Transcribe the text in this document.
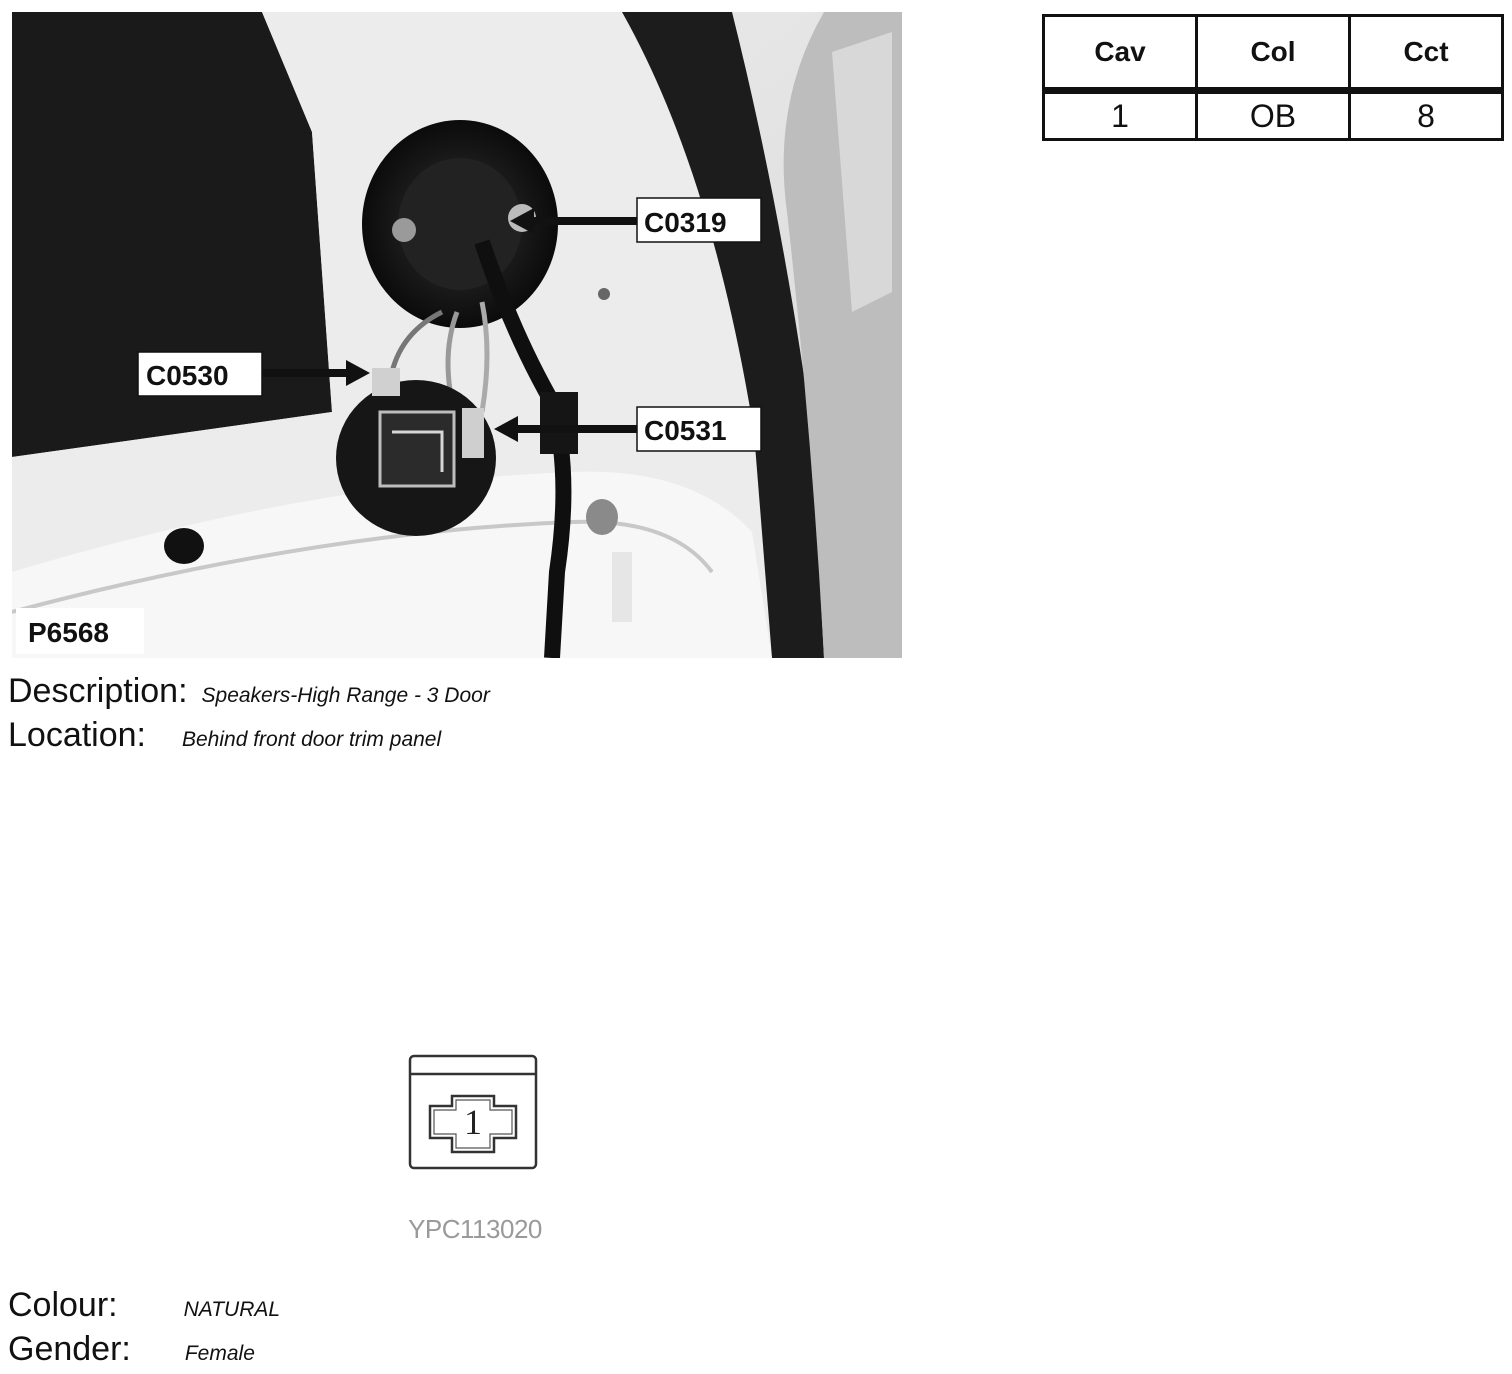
C0319
C0530
C0531
P6568
Cav	Col	Cct
1	OB	8
Description: Speakers-High Range - 3 Door
Location: Behind front door trim panel
1
YPC113020
Colour:	NATURAL
Gender:	Female
